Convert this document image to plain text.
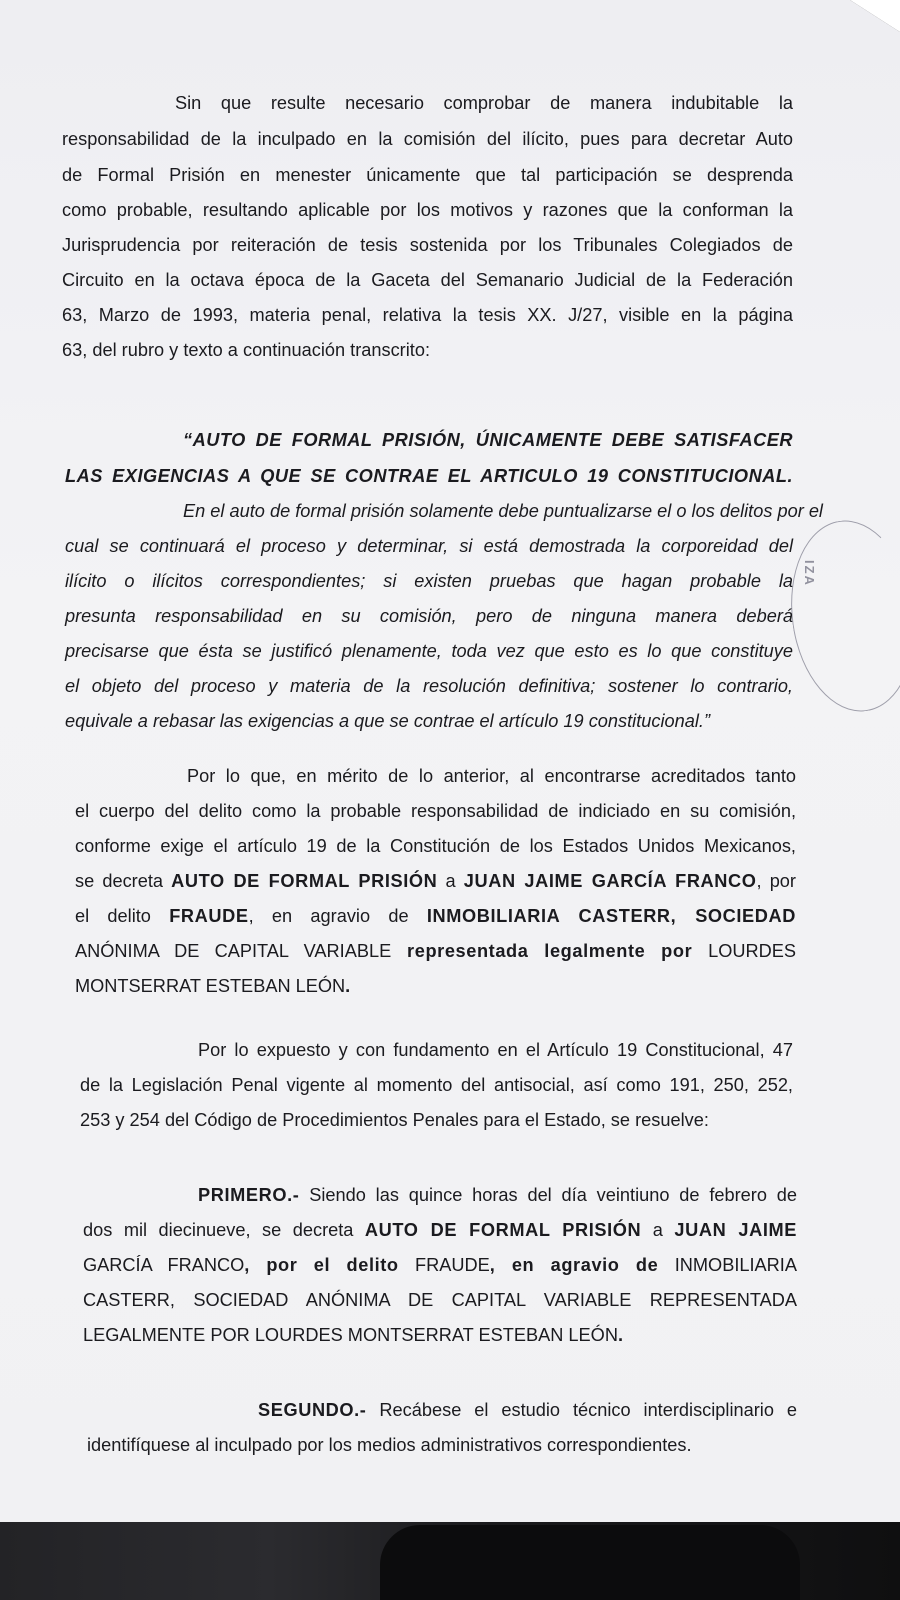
IZA
Sin que resulte necesario comprobar de manera indubitable la
responsabilidad de la inculpado en la comisión del ilícito, pues para decretar Auto
de Formal Prisión en menester únicamente que tal participación se desprenda
como probable, resultando aplicable por los motivos y razones que la conforman la
Jurisprudencia por reiteración de tesis sostenida por los Tribunales Colegiados de
Circuito en la octava época de la Gaceta del Semanario Judicial de la Federación
63, Marzo de 1993, materia penal, relativa la tesis XX. J/27, visible en la página
63, del rubro y texto a continuación transcrito:
“AUTO DE FORMAL PRISIÓN, ÚNICAMENTE DEBE SATISFACER
LAS EXIGENCIAS A QUE SE CONTRAE EL ARTICULO 19 CONSTITUCIONAL.
En el auto de formal prisión solamente debe puntualizarse el o los delitos por el
cual se continuará el proceso y determinar, si está demostrada la corporeidad del
ilícito o ilícitos correspondientes; si existen pruebas que hagan probable la
presunta responsabilidad en su comisión, pero de ninguna manera deberá
precisarse que ésta se justificó plenamente, toda vez que esto es lo que constituye
el objeto del proceso y materia de la resolución definitiva; sostener lo contrario,
equivale a rebasar las exigencias a que se contrae el artículo 19 constitucional.”
Por lo que, en mérito de lo anterior, al encontrarse acreditados tanto
el cuerpo del delito como la probable responsabilidad de indiciado en su comisión,
conforme exige el artículo 19 de la Constitución de los Estados Unidos Mexicanos,
se decreta AUTO DE FORMAL PRISIÓN a JUAN JAIME GARCÍA FRANCO, por
el delito FRAUDE, en agravio de INMOBILIARIA CASTERR, SOCIEDAD
ANÓNIMA DE CAPITAL VARIABLE representada legalmente por LOURDES
MONTSERRAT ESTEBAN LEÓN.
Por lo expuesto y con fundamento en el Artículo 19 Constitucional, 47
de la Legislación Penal vigente al momento del antisocial, así como 191, 250, 252,
253 y 254 del Código de Procedimientos Penales para el Estado, se resuelve:
PRIMERO.- Siendo las quince horas del día veintiuno de febrero de
dos mil diecinueve, se decreta AUTO DE FORMAL PRISIÓN a JUAN JAIME
GARCÍA FRANCO, por el delito FRAUDE, en agravio de INMOBILIARIA
CASTERR, SOCIEDAD ANÓNIMA DE CAPITAL VARIABLE REPRESENTADA
LEGALMENTE POR LOURDES MONTSERRAT ESTEBAN LEÓN.
SEGUNDO.- Recábese el estudio técnico interdisciplinario e
identifíquese al inculpado por los medios administrativos correspondientes.
